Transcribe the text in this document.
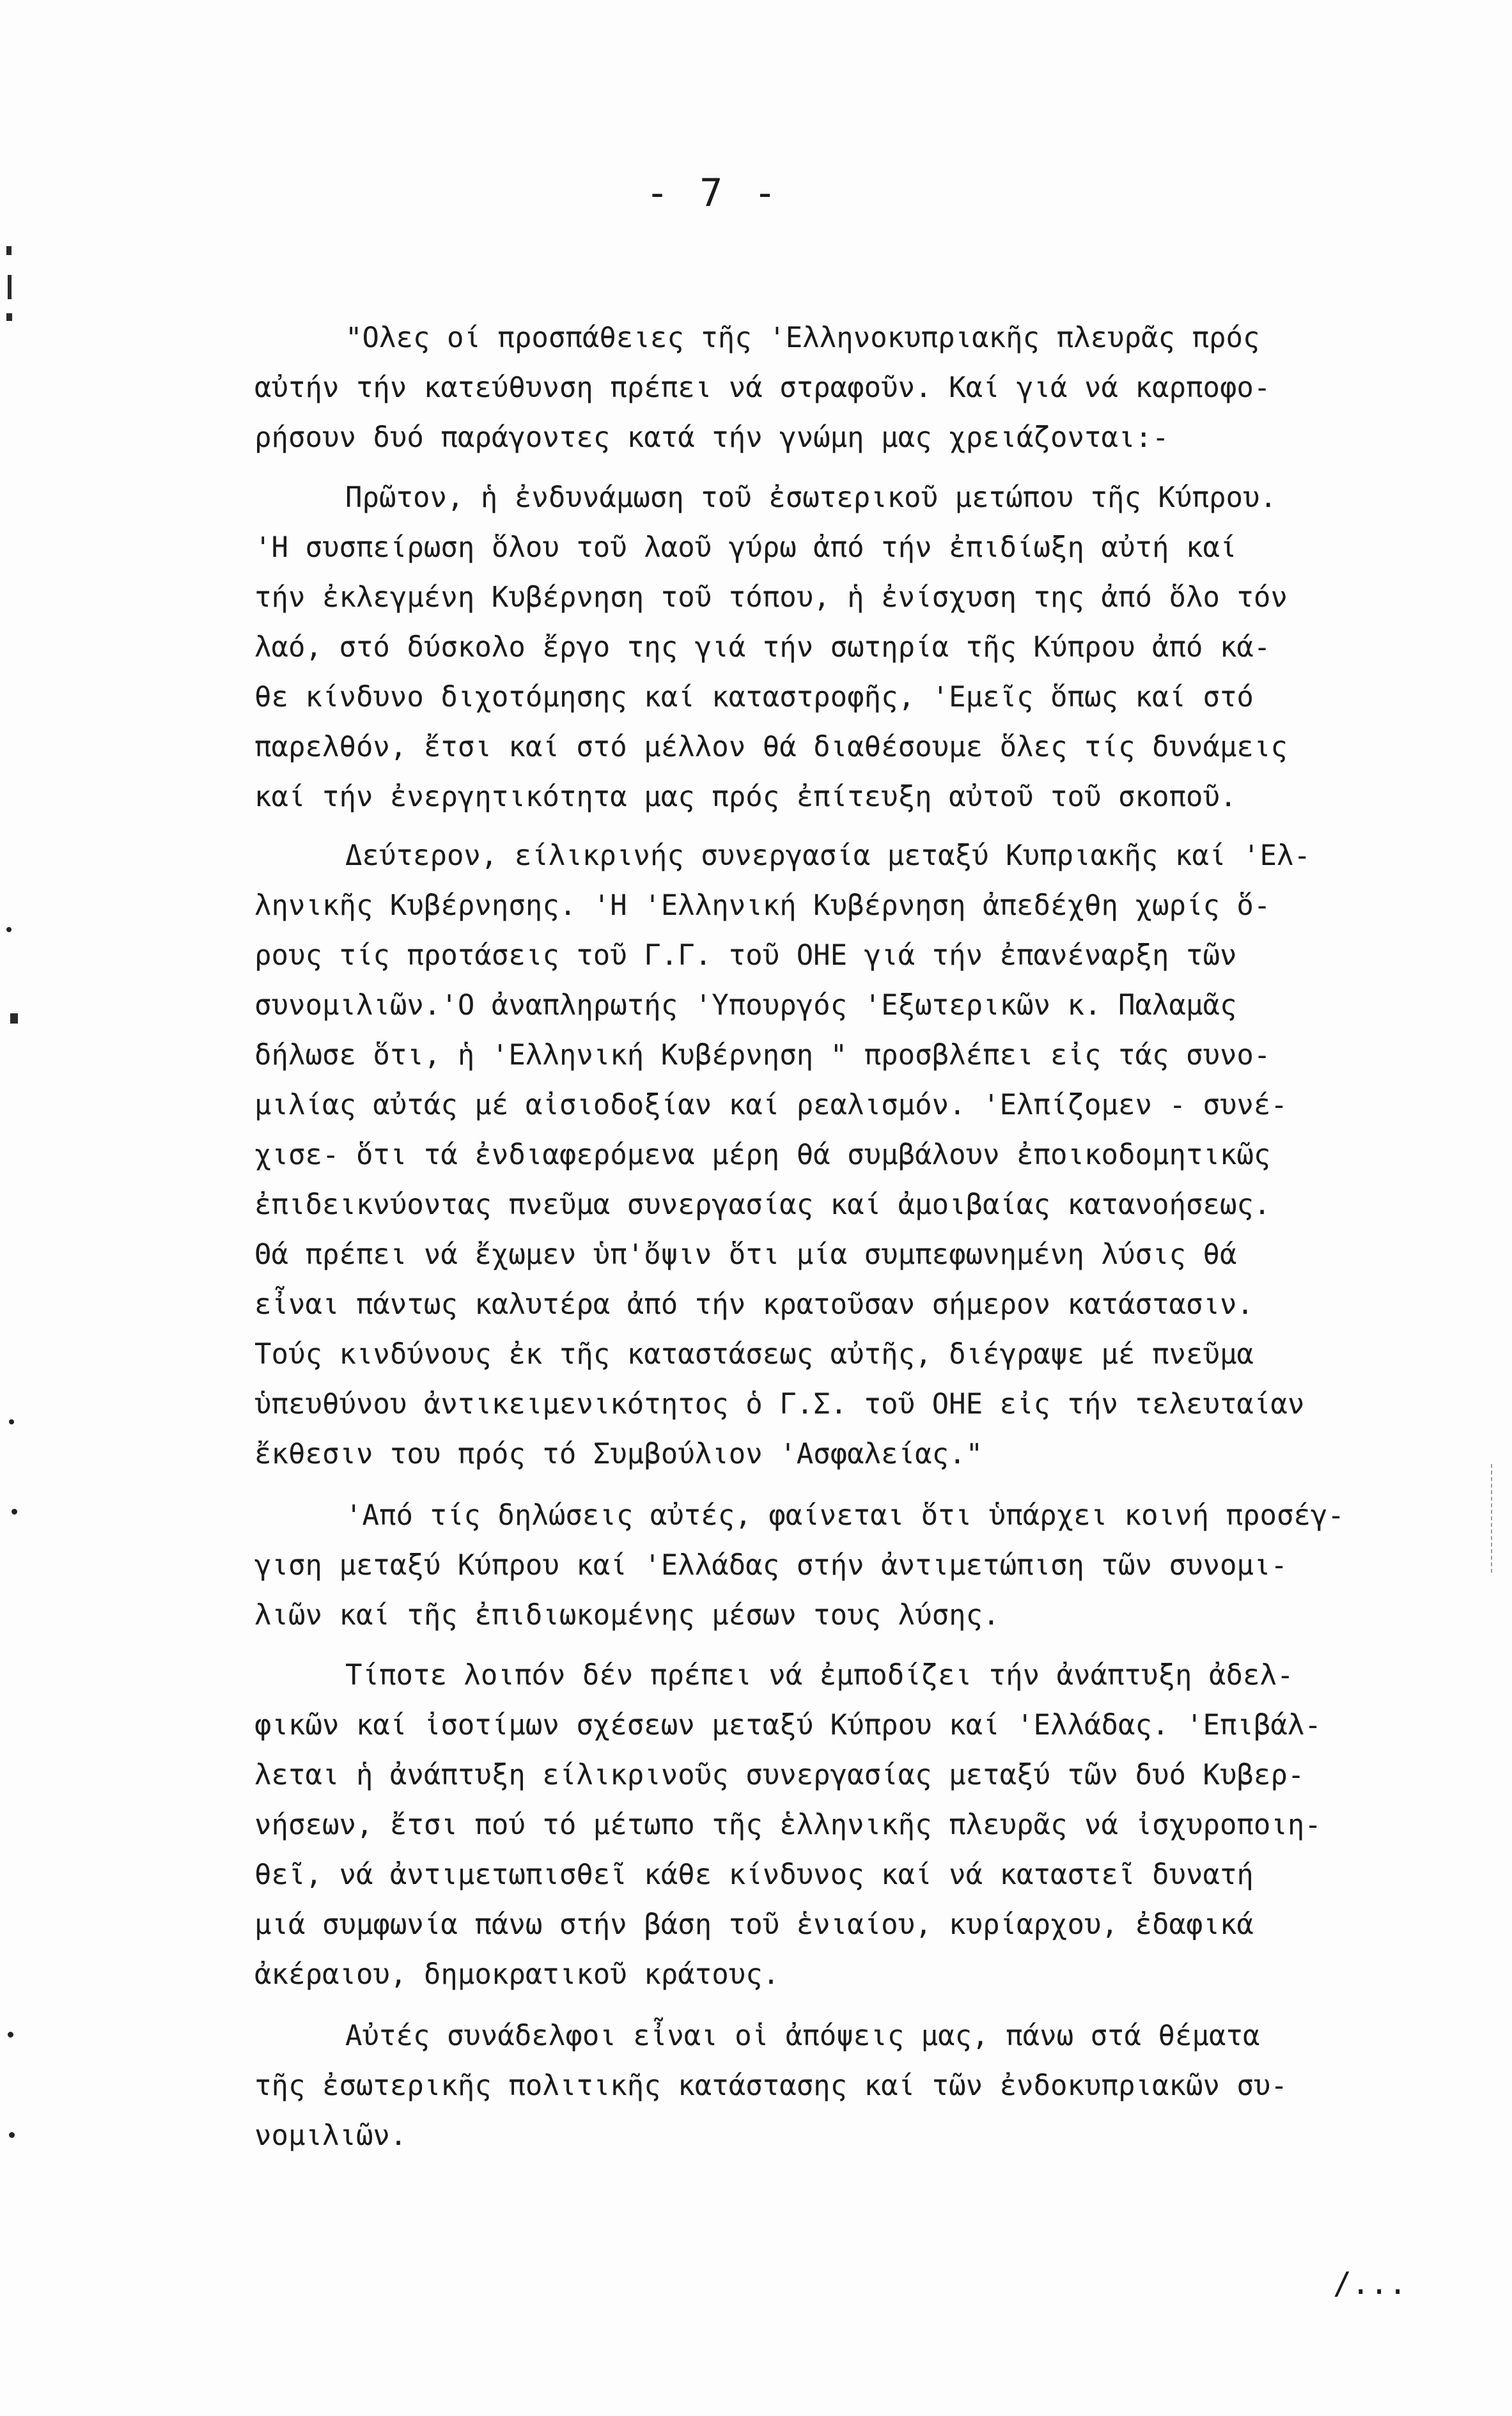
- 7 -
"Ολες οί προσπάθειες τῆς 'Ελληνοκυπριακῆς πλευρᾶς πρός
αὐτήν τήν κατεύθυνση πρέπει νά στραφοῦν. Καί γιά νά καρποφο-
ρήσουν δυό παράγοντες κατά τήν γνώμη μας χρειάζονται:-
Πρῶτον, ἡ ἐνδυνάμωση τοῦ ἐσωτερικοῦ μετώπου τῆς Κύπρου.
'Η συσπείρωση ὅλου τοῦ λαοῦ γύρω ἀπό τήν ἐπιδίωξη αὐτή καί
τήν ἐκλεγμένη Κυβέρνηση τοῦ τόπου, ἡ ἐνίσχυση της ἀπό ὅλο τόν
λαό, στό δύσκολο ἔργο της γιά τήν σωτηρία τῆς Κύπρου ἀπό κά-
θε κίνδυνο διχοτόμησης καί καταστροφῆς, 'Εμεῖς ὅπως καί στό
παρελθόν, ἔτσι καί στό μέλλον θά διαθέσουμε ὅλες τίς δυνάμεις
καί τήν ἐνεργητικότητα μας πρός ἐπίτευξη αὐτοῦ τοῦ σκοποῦ.
Δεύτερον, είλικρινής συνεργασία μεταξύ Κυπριακῆς καί 'Ελ-
ληνικῆς Κυβέρνησης. 'Η 'Ελληνική Κυβέρνηση ἀπεδέχθη χωρίς ὅ-
ρους τίς προτάσεις τοῦ Γ.Γ. τοῦ ΟΗΕ γιά τήν ἐπανέναρξη τῶν
συνομιλιῶν.'Ο ἀναπληρωτής 'Υπουργός 'Εξωτερικῶν κ. Παλαμᾶς
δήλωσε ὅτι, ἡ 'Ελληνική Κυβέρνηση " προσβλέπει εἰς τάς συνο-
μιλίας αὐτάς μέ αἰσιοδοξίαν καί ρεαλισμόν. 'Ελπίζομεν - συνέ-
χισε- ὅτι τά ἐνδιαφερόμενα μέρη θά συμβάλουν ἐποικοδομητικῶς
ἐπιδεικνύοντας πνεῦμα συνεργασίας καί ἀμοιβαίας κατανοήσεως.
Θά πρέπει νά ἔχωμεν ὑπ'ὄψιν ὅτι μία συμπεφωνημένη λύσις θά
εἶναι πάντως καλυτέρα ἀπό τήν κρατοῦσαν σήμερον κατάστασιν.
Τούς κινδύνους ἐκ τῆς καταστάσεως αὐτῆς, διέγραψε μέ πνεῦμα
ὑπευθύνου ἀντικειμενικότητος ὁ Γ.Σ. τοῦ ΟΗΕ εἰς τήν τελευταίαν
ἔκθεσιν του πρός τό Συμβούλιον 'Ασφαλείας."
'Από τίς δηλώσεις αὐτές, φαίνεται ὅτι ὑπάρχει κοινή προσέγ-
γιση μεταξύ Κύπρου καί 'Ελλάδας στήν ἀντιμετώπιση τῶν συνομι-
λιῶν καί τῆς ἐπιδιωκομένης μέσων τους λύσης.
Τίποτε λοιπόν δέν πρέπει νά ἐμποδίζει τήν ἀνάπτυξη ἀδελ-
φικῶν καί ἰσοτίμων σχέσεων μεταξύ Κύπρου καί 'Ελλάδας. 'Επιβάλ-
λεται ἡ ἀνάπτυξη είλικρινοῦς συνεργασίας μεταξύ τῶν δυό Κυβερ-
νήσεων, ἔτσι πού τό μέτωπο τῆς ἑλληνικῆς πλευρᾶς νά ἰσχυροποιη-
θεῖ, νά ἀντιμετωπισθεῖ κάθε κίνδυνος καί νά καταστεῖ δυνατή
μιά συμφωνία πάνω στήν βάση τοῦ ἑνιαίου, κυρίαρχου, ἐδαφικά
ἀκέραιου, δημοκρατικοῦ κράτους.
Αὐτές συνάδελφοι εἶναι οἱ ἀπόψεις μας, πάνω στά θέματα
τῆς ἐσωτερικῆς πολιτικῆς κατάστασης καί τῶν ἐνδοκυπριακῶν συ-
νομιλιῶν.
/...
